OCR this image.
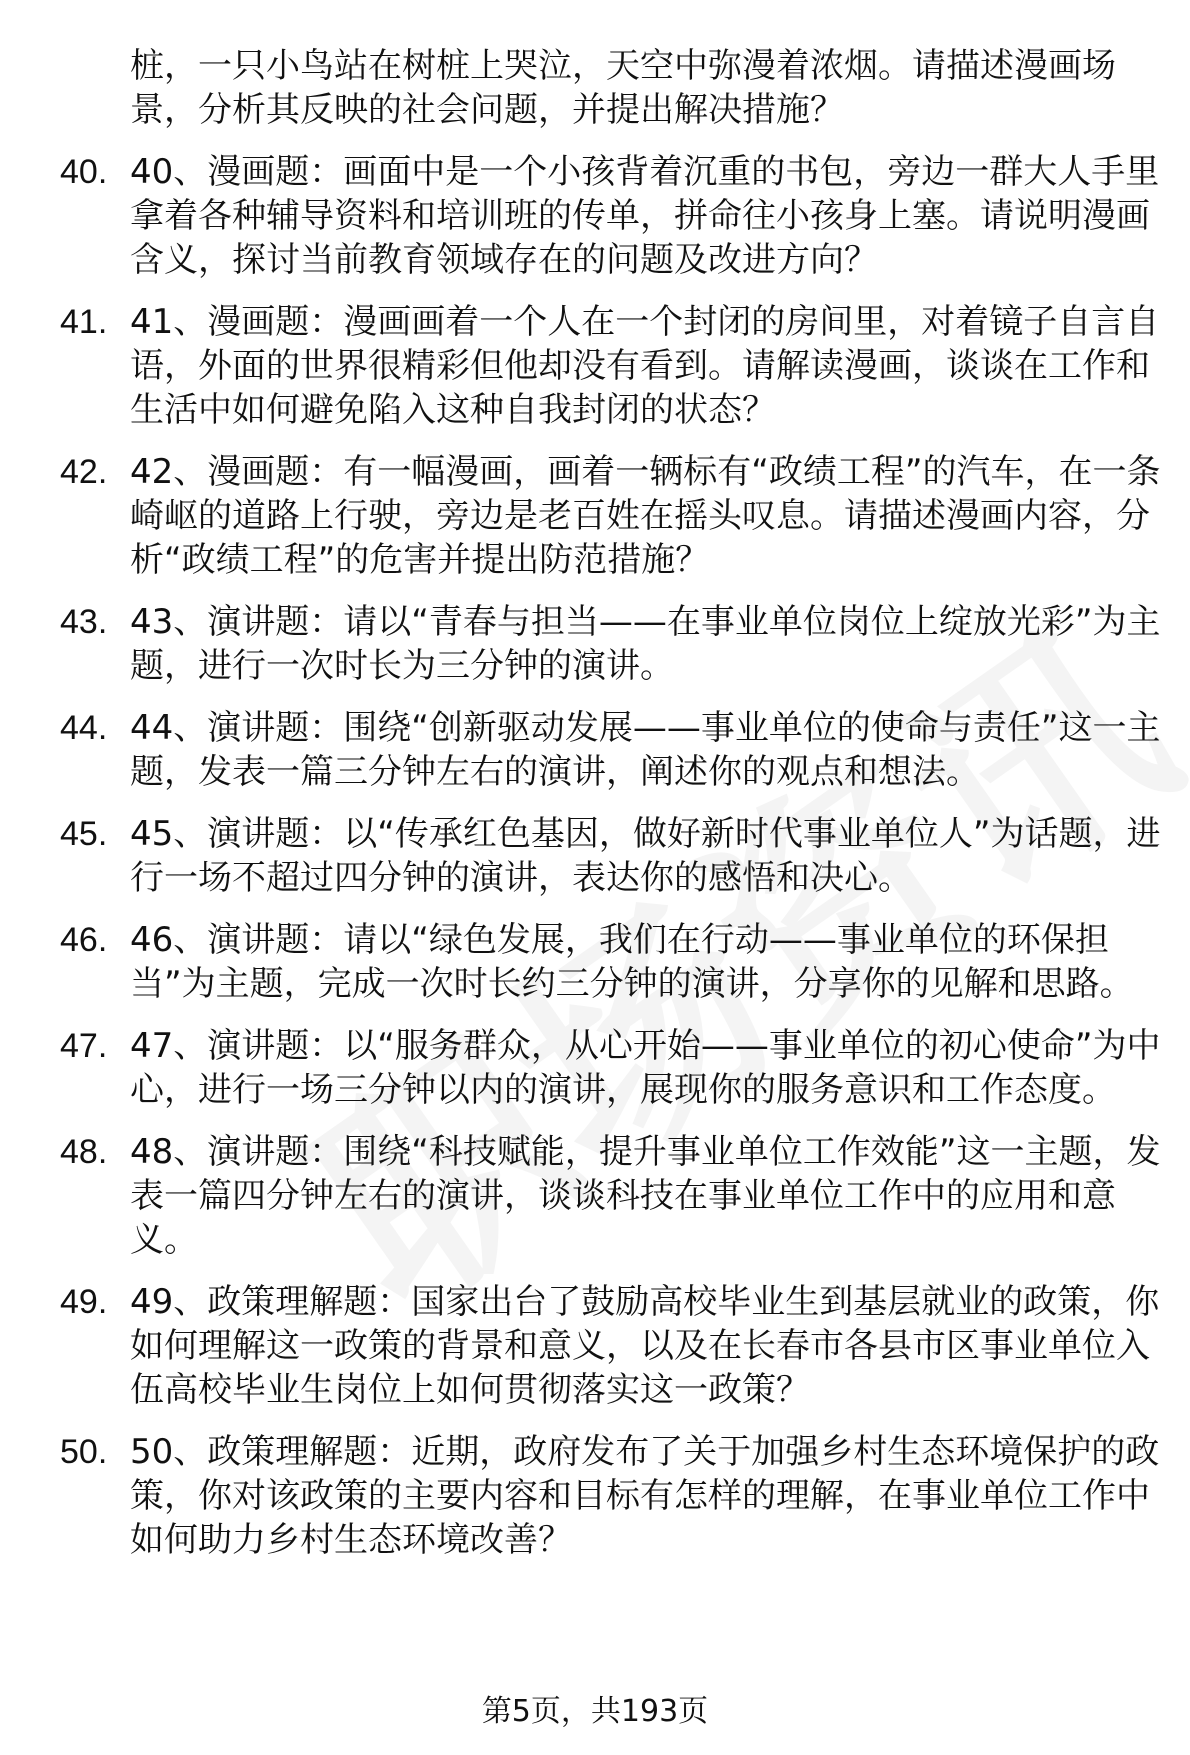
桩，一只小鸟站在树桩上哭泣，天空中弥漫着浓烟。请描述漫画场景，分析其反映的社会问题，并提出解决措施？
40. 40、漫画题：画面中是一个小孩背着沉重的书包，旁边一群大人手里拿着各种辅导资料和培训班的传单，拼命往小孩身上塞。请说明漫画含义，探讨当前教育领域存在的问题及改进方向？
41. 41、漫画题：漫画画着一个人在一个封闭的房间里，对着镜子自言自语，外面的世界很精彩但他却没有看到。请解读漫画，谈谈在工作和生活中如何避免陷入这种自我封闭的状态？
42. 42、漫画题：有一幅漫画，画着一辆标有“政绩工程”的汽车，在一条崎岖的道路上行驶，旁边是老百姓在摇头叹息。请描述漫画内容，分析“政绩工程”的危害并提出防范措施？
43. 43、演讲题：请以“青春与担当——在事业单位岗位上绽放光彩”为主题，进行一次时长为三分钟的演讲。
44. 44、演讲题：围绕“创新驱动发展——事业单位的使命与责任”这一主题，发表一篇三分钟左右的演讲，阐述你的观点和想法。
45. 45、演讲题：以“传承红色基因，做好新时代事业单位人”为话题，进行一场不超过四分钟的演讲，表达你的感悟和决心。
46. 46、演讲题：请以“绿色发展，我们在行动——事业单位的环保担当”为主题，完成一次时长约三分钟的演讲，分享你的见解和思路。
47. 47、演讲题：以“服务群众，从心开始——事业单位的初心使命”为中心，进行一场三分钟以内的演讲，展现你的服务意识和工作态度。
48. 48、演讲题：围绕“科技赋能，提升事业单位工作效能”这一主题，发表一篇四分钟左右的演讲，谈谈科技在事业单位工作中的应用和意义。
49. 49、政策理解题：国家出台了鼓励高校毕业生到基层就业的政策，你如何理解这一政策的背景和意义，以及在长春市各县市区事业单位入伍高校毕业生岗位上如何贯彻落实这一政策？
50. 50、政策理解题：近期，政府发布了关于加强乡村生态环境保护的政策，你对该政策的主要内容和目标有怎样的理解，在事业单位工作中如何助力乡村生态环境改善？
第5页，共193页
